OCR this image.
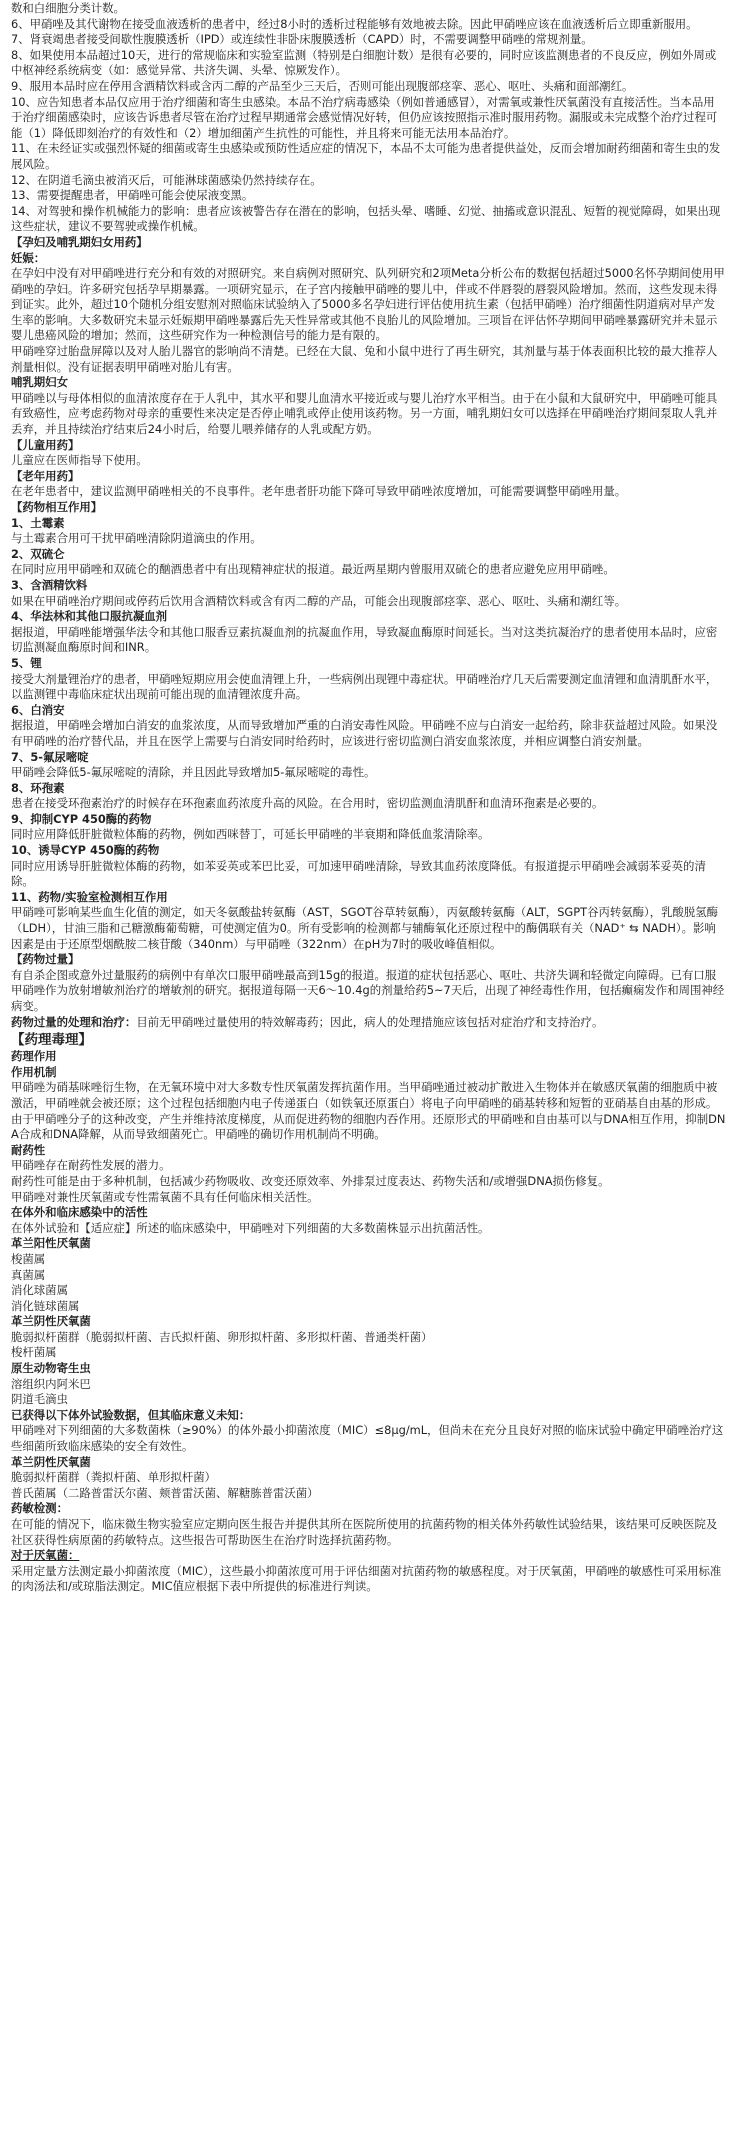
数和白细胞分类计数。

6、甲硝唑及其代谢物在接受血液透析的患者中，经过8小时的透析过程能够有效地被去除。因此甲硝唑应该在血液透析后立即重新服用。

7、肾衰竭患者接受间歇性腹膜透析（IPD）或连续性非卧床腹膜透析（CAPD）时，不需要调整甲硝唑的常规剂量。

8、如果使用本品超过10天，进行的常规临床和实验室监测（特别是白细胞计数）是很有必要的，同时应该监测患者的不良反应，例如外周或中枢神经系统病变（如：感觉异常、共济失调、头晕、惊厥发作）。

9、服用本品时应在停用含酒精饮料或含丙二醇的产品至少三天后，否则可能出现腹部痉挛、恶心、呕吐、头痛和面部潮红。

10、应告知患者本品仅应用于治疗细菌和寄生虫感染。本品不治疗病毒感染（例如普通感冒），对需氧或兼性厌氧菌没有直接活性。当本品用于治疗细菌感染时，应该告诉患者尽管在治疗过程早期通常会感觉情况好转，但仍应该按照指示准时服用药物。漏服或未完成整个治疗过程可能（1）降低即刻治疗的有效性和（2）增加细菌产生抗性的可能性，并且将来可能无法用本品治疗。

11、在未经证实或强烈怀疑的细菌或寄生虫感染或预防性适应症的情况下，本品不太可能为患者提供益处，反而会增加耐药细菌和寄生虫的发展风险。

12、在阴道毛滴虫被消灭后，可能淋球菌感染仍然持续存在。

13、需要提醒患者，甲硝唑可能会使尿液变黑。

14、对驾驶和操作机械能力的影响：患者应该被警告存在潜在的影响，包括头晕、嗜睡、幻觉、抽搐或意识混乱、短暂的视觉障碍，如果出现这些症状，建议不要驾驶或操作机械。

【孕妇及哺乳期妇女用药】

妊娠：

在孕妇中没有对甲硝唑进行充分和有效的对照研究。来自病例对照研究、队列研究和2项Meta分析公布的数据包括超过5000名怀孕期间使用甲硝唑的孕妇。许多研究包括孕早期暴露。一项研究显示，在子宫内接触甲硝唑的婴儿中，伴或不伴唇裂的唇裂风险增加。然而，这些发现未得到证实。此外，超过10个随机分组安慰剂对照临床试验纳入了5000多名孕妇进行评估使用抗生素（包括甲硝唑）治疗细菌性阴道病对早产发生率的影响。大多数研究未显示妊娠期甲硝唑暴露后先天性异常或其他不良胎儿的风险增加。三项旨在评估怀孕期间甲硝唑暴露研究并未显示婴儿患癌风险的增加；然而，这些研究作为一种检测信号的能力是有限的。

甲硝唑穿过胎盘屏障以及对人胎儿器官的影响尚不清楚。已经在大鼠、兔和小鼠中进行了再生研究，其剂量与基于体表面积比较的最大推荐人剂量相似。没有证据表明甲硝唑对胎儿有害。

哺乳期妇女

甲硝唑以与母体相似的血清浓度存在于人乳中，其水平和婴儿血清水平接近或与婴儿治疗水平相当。由于在小鼠和大鼠研究中，甲硝唑可能具有致癌性，应考虑药物对母亲的重要性来决定是否停止哺乳或停止使用该药物。另一方面，哺乳期妇女可以选择在甲硝唑治疗期间泵取人乳并丢弃，并且持续治疗结束后24小时后，给婴儿喂养储存的人乳或配方奶。

【儿童用药】

儿童应在医师指导下使用。

【老年用药】

在老年患者中，建议监测甲硝唑相关的不良事件。老年患者肝功能下降可导致甲硝唑浓度增加，可能需要调整甲硝唑用量。

【药物相互作用】

1、土霉素

与土霉素合用可干扰甲硝唑清除阴道滴虫的作用。

2、双硫仑

在同时应用甲硝唑和双硫仑的酗酒患者中有出现精神症状的报道。最近两星期内曾服用双硫仑的患者应避免应用甲硝唑。

3、含酒精饮料

如果在甲硝唑治疗期间或停药后饮用含酒精饮料或含有丙二醇的产品，可能会出现腹部痉挛、恶心、呕吐、头痛和潮红等。

4、华法林和其他口服抗凝血剂

据报道，甲硝唑能增强华法令和其他口服香豆素抗凝血剂的抗凝血作用，导致凝血酶原时间延长。当对这类抗凝治疗的患者使用本品时，应密切监测凝血酶原时间和INR。

5、锂

接受大剂量锂治疗的患者，甲硝唑短期应用会使血清锂上升，一些病例出现锂中毒症状。甲硝唑治疗几天后需要测定血清锂和血清肌酐水平，以监测锂中毒临床症状出现前可能出现的血清锂浓度升高。

6、白消安

据报道，甲硝唑会增加白消安的血浆浓度，从而导致增加严重的白消安毒性风险。甲硝唑不应与白消安一起给药，除非获益超过风险。如果没有甲硝唑的治疗替代品，并且在医学上需要与白消安同时给药时，应该进行密切监测白消安血浆浓度，并相应调整白消安剂量。

7、5-氟尿嘧啶

甲硝唑会降低5-氟尿嘧啶的清除，并且因此导致增加5-氟尿嘧啶的毒性。

8、环孢素

患者在接受环孢素治疗的时候存在环孢素血药浓度升高的风险。在合用时，密切监测血清肌酐和血清环孢素是必要的。

9、抑制CYP 450酶的药物

同时应用降低肝脏微粒体酶的药物，例如西咪替丁，可延长甲硝唑的半衰期和降低血浆清除率。

10、诱导CYP 450酶的药物

同时应用诱导肝脏微粒体酶的药物，如苯妥英或苯巴比妥，可加速甲硝唑清除，导致其血药浓度降低。有报道提示甲硝唑会减弱苯妥英的清除。

11、药物/实验室检测相互作用

甲硝唑可影响某些血生化值的测定，如天冬氨酸盐转氨酶（AST，SGOT谷草转氨酶），丙氨酸转氨酶（ALT，SGPT谷丙转氨酶），乳酸脱氢酶（LDH），甘油三脂和己糖激酶葡萄糖，可使测定值为0。所有受影响的检测都与辅酶氧化还原过程中的酶偶联有关（NAD⁺ ⇆ NADH）。影响因素是由于还原型烟酰胺二核苷酸（340nm）与甲硝唑（322nm）在pH为7时的吸收峰值相似。

【药物过量】

有自杀企图或意外过量服药的病例中有单次口服甲硝唑最高到15g的报道。报道的症状包括恶心、呕吐、共济失调和轻微定向障碍。已有口服甲硝唑作为放射增敏剂治疗的增敏剂的研究。据报道每隔一天6～10.4g的剂量给药5~7天后，出现了神经毒性作用，包括癫痫发作和周围神经病变。

药物过量的处理和治疗：目前无甲硝唑过量使用的特效解毒药；因此，病人的处理措施应该包括对症治疗和支持治疗。

【药理毒理】

药理作用

作用机制

甲硝唑为硝基咪唑衍生物，在无氧环境中对大多数专性厌氧菌发挥抗菌作用。当甲硝唑通过被动扩散进入生物体并在敏感厌氧菌的细胞质中被激活，甲硝唑就会被还原；这个过程包括细胞内电子传递蛋白（如铁氧还原蛋白）将电子向甲硝唑的硝基转移和短暂的亚硝基自由基的形成。由于甲硝唑分子的这种改变，产生并维持浓度梯度，从而促进药物的细胞内吞作用。还原形式的甲硝唑和自由基可以与DNA相互作用，抑制DNA合成和DNA降解，从而导致细菌死亡。甲硝唑的确切作用机制尚不明确。

耐药性

甲硝唑存在耐药性发展的潜力。

耐药性可能是由于多种机制，包括减少药物吸收、改变还原效率、外排泵过度表达、药物失活和/或增强DNA损伤修复。

甲硝唑对兼性厌氧菌或专性需氧菌不具有任何临床相关活性。

在体外和临床感染中的活性

在体外试验和【适应症】所述的临床感染中，甲硝唑对下列细菌的大多数菌株显示出抗菌活性。

革兰阳性厌氧菌

梭菌属

真菌属

消化球菌属

消化链球菌属

革兰阴性厌氧菌

脆弱拟杆菌群（脆弱拟杆菌、吉氏拟杆菌、卵形拟杆菌、多形拟杆菌、普通类杆菌）

梭杆菌属

原生动物寄生虫

溶组织内阿米巴

阴道毛滴虫

已获得以下体外试验数据，但其临床意义未知：

甲硝唑对下列细菌的大多数菌株（≥90%）的体外最小抑菌浓度（MIC）≤8μg/mL，但尚未在充分且良好对照的临床试验中确定甲硝唑治疗这些细菌所致临床感染的安全有效性。

革兰阴性厌氧菌

脆弱拟杆菌群（粪拟杆菌、单形拟杆菌）

普氏菌属（二路普雷沃尔菌、颊普雷沃菌、解糖胨普雷沃菌）

药敏检测：

在可能的情况下，临床微生物实验室应定期向医生报告并提供其所在医院所使用的抗菌药物的相关体外药敏性试验结果，该结果可反映医院及社区获得性病原菌的药敏特点。这些报告可帮助医生在治疗时选择抗菌药物。

对于厌氧菌：

采用定量方法测定最小抑菌浓度（MIC），这些最小抑菌浓度可用于评估细菌对抗菌药物的敏感程度。对于厌氧菌，甲硝唑的敏感性可采用标准的肉汤法和/或琼脂法测定。MIC值应根据下表中所提供的标准进行判读。
